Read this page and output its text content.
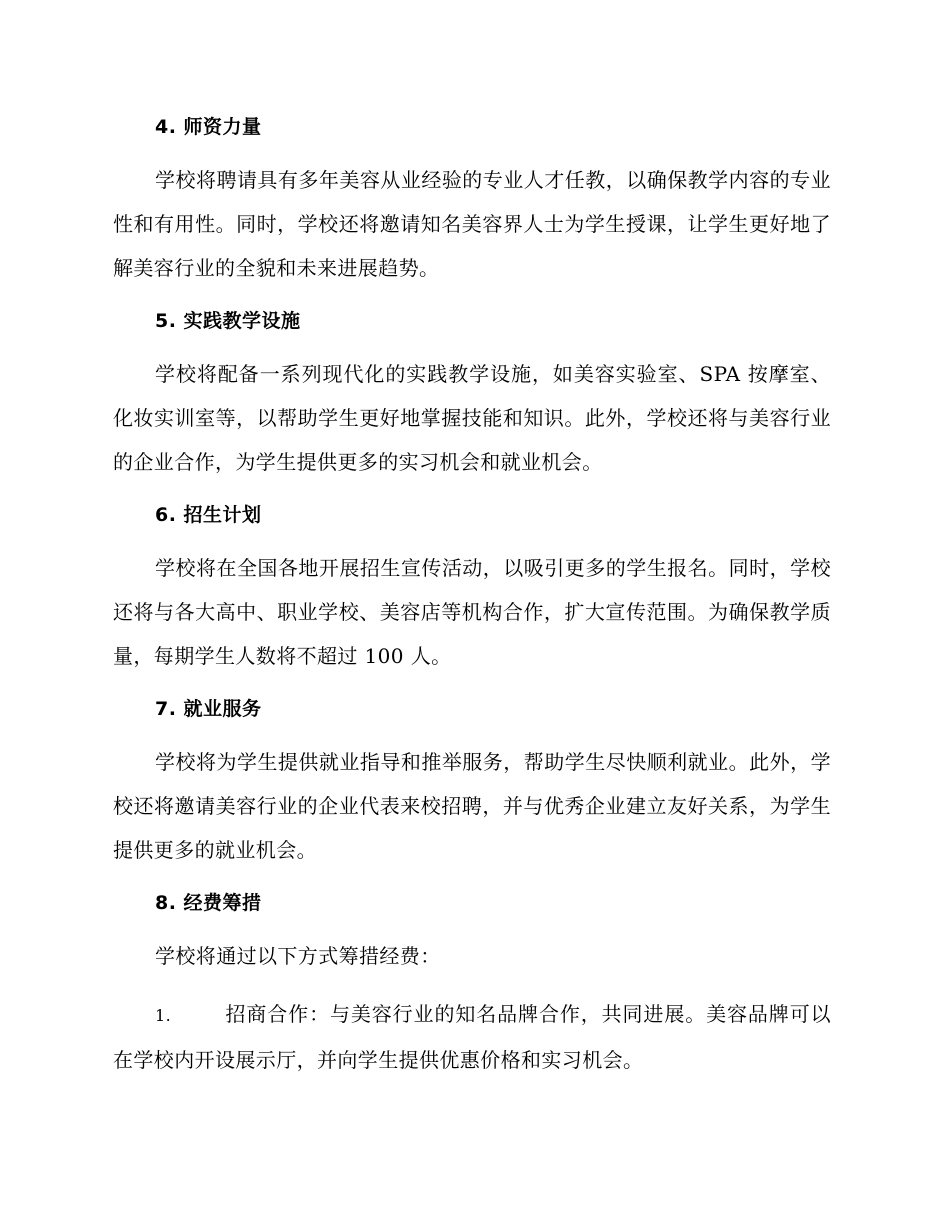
4. 师资力量

学校将聘请具有多年美容从业经验的专业人才任教，以确保教学内容的专业性和有用性。同时，学校还将邀请知名美容界人士为学生授课，让学生更好地了解美容行业的全貌和未来进展趋势。

5. 实践教学设施

学校将配备一系列现代化的实践教学设施，如美容实验室、SPA 按摩室、化妆实训室等，以帮助学生更好地掌握技能和知识。此外，学校还将与美容行业的企业合作，为学生提供更多的实习机会和就业机会。

6. 招生计划

学校将在全国各地开展招生宣传活动，以吸引更多的学生报名。同时，学校还将与各大高中、职业学校、美容店等机构合作，扩大宣传范围。为确保教学质量，每期学生人数将不超过 100 人。

7. 就业服务

学校将为学生提供就业指导和推举服务，帮助学生尽快顺利就业。此外，学校还将邀请美容行业的企业代表来校招聘，并与优秀企业建立友好关系，为学生提供更多的就业机会。

8. 经费筹措

学校将通过以下方式筹措经费：

1.	招商合作：与美容行业的知名品牌合作，共同进展。美容品牌可以在学校内开设展示厅，并向学生提供优惠价格和实习机会。
